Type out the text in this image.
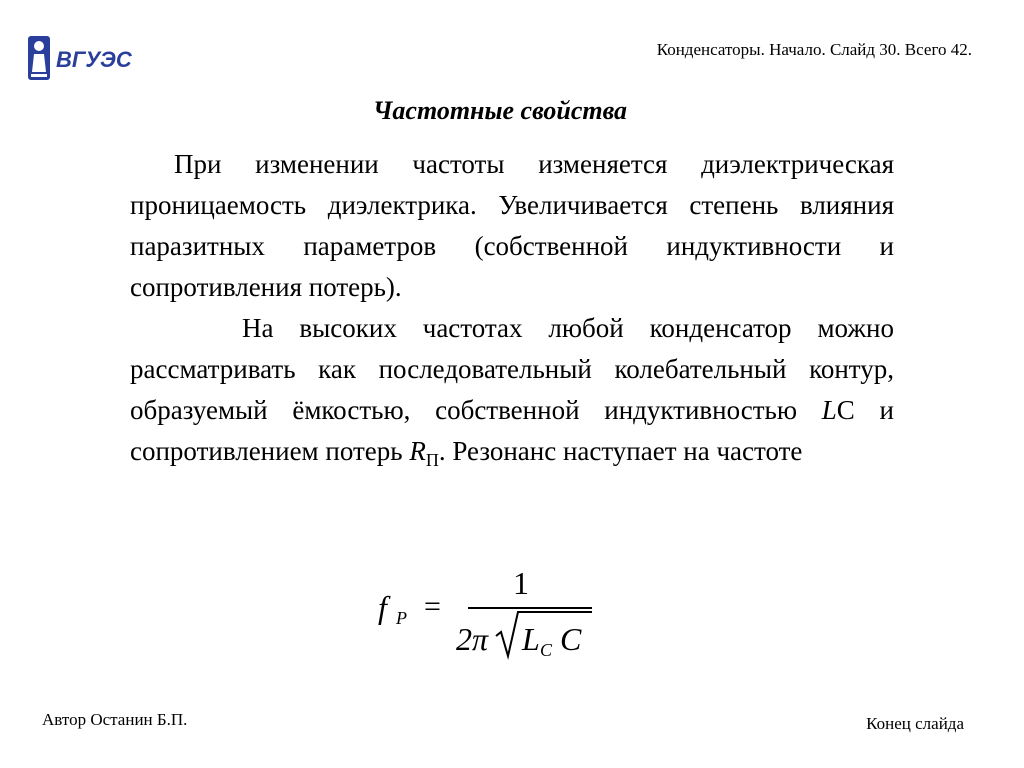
ВГУЭС	Конденсаторы. Начало. Слайд 30. Всего 42.
Частотные свойства

При изменении частоты изменяется диэлектрическая проницаемость диэлектрика. Увеличивается степень влияния паразитных параметров (собственной индуктивности и сопротивления потерь).

На высоких частотах любой конденсатор можно рассматривать как последовательный колебательный контур, образуемый ёмкостью, собственной индуктивностью LC и сопротивлением потерь $R_П$. Резонанс наступает на частоте

f P =
1
2π L C C
Автор Останин Б.П.	Конец слайда
